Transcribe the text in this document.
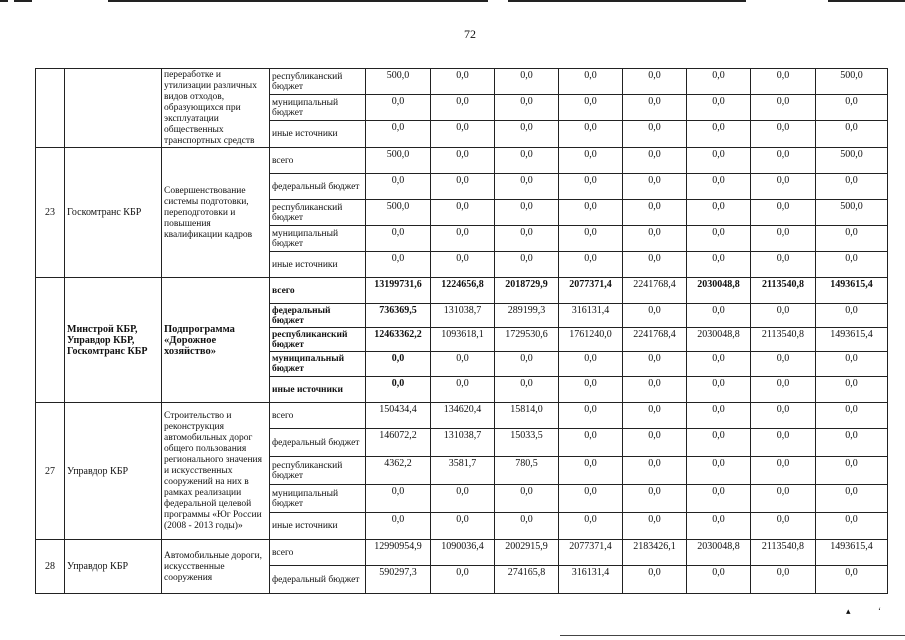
72
		переработке и утилизации различных видов отходов, образующихся при эксплуатации общественных транспортных средств	республиканский бюджет	500,0	0,0	0,0	0,0	0,0	0,0	0,0	500,0
			муниципальный бюджет	0,0	0,0	0,0	0,0	0,0	0,0	0,0	0,0
			иные источники	0,0	0,0	0,0	0,0	0,0	0,0	0,0	0,0
23	Госкомтранс КБР	Совершенствование системы подготовки, переподготовки и повышения квалификации кадров	всего	500,0	0,0	0,0	0,0	0,0	0,0	0,0	500,0
			федеральный бюджет	0,0	0,0	0,0	0,0	0,0	0,0	0,0	0,0
			республиканский бюджет	500,0	0,0	0,0	0,0	0,0	0,0	0,0	500,0
			муниципальный бюджет	0,0	0,0	0,0	0,0	0,0	0,0	0,0	0,0
			иные источники	0,0	0,0	0,0	0,0	0,0	0,0	0,0	0,0
	Минстрой КБР, Управдор КБР, Госкомтранс КБР	Подпрограмма «Дорожное хозяйство»	всего	13199731,6	1224656,8	2018729,9	2077371,4	2241768,4	2030048,8	2113540,8	1493615,4
			федеральный бюджет	736369,5	131038,7	289199,3	316131,4	0,0	0,0	0,0	0,0
			республиканский бюджет	12463362,2	1093618,1	1729530,6	1761240,0	2241768,4	2030048,8	2113540,8	1493615,4
			муниципальный бюджет	0,0	0,0	0,0	0,0	0,0	0,0	0,0	0,0
			иные источники	0,0	0,0	0,0	0,0	0,0	0,0	0,0	0,0
27	Управдор КБР	Строительство и реконструкция автомобильных дорог общего пользования регионального значения и искусственных сооружений на них в рамках реализации федеральной целевой программы «Юг России (2008 - 2013 годы)»	всего	150434,4	134620,4	15814,0	0,0	0,0	0,0	0,0	0,0
			федеральный бюджет	146072,2	131038,7	15033,5	0,0	0,0	0,0	0,0	0,0
			республиканский бюджет	4362,2	3581,7	780,5	0,0	0,0	0,0	0,0	0,0
			муниципальный бюджет	0,0	0,0	0,0	0,0	0,0	0,0	0,0	0,0
			иные источники	0,0	0,0	0,0	0,0	0,0	0,0	0,0	0,0
28	Управдор КБР	Автомобильные дороги, искусственные сооружения	всего	12990954,9	1090036,4	2002915,9	2077371,4	2183426,1	2030048,8	2113540,8	1493615,4
			федеральный бюджет	590297,3	0,0	274165,8	316131,4	0,0	0,0	0,0	0,0
▴	ʻ
